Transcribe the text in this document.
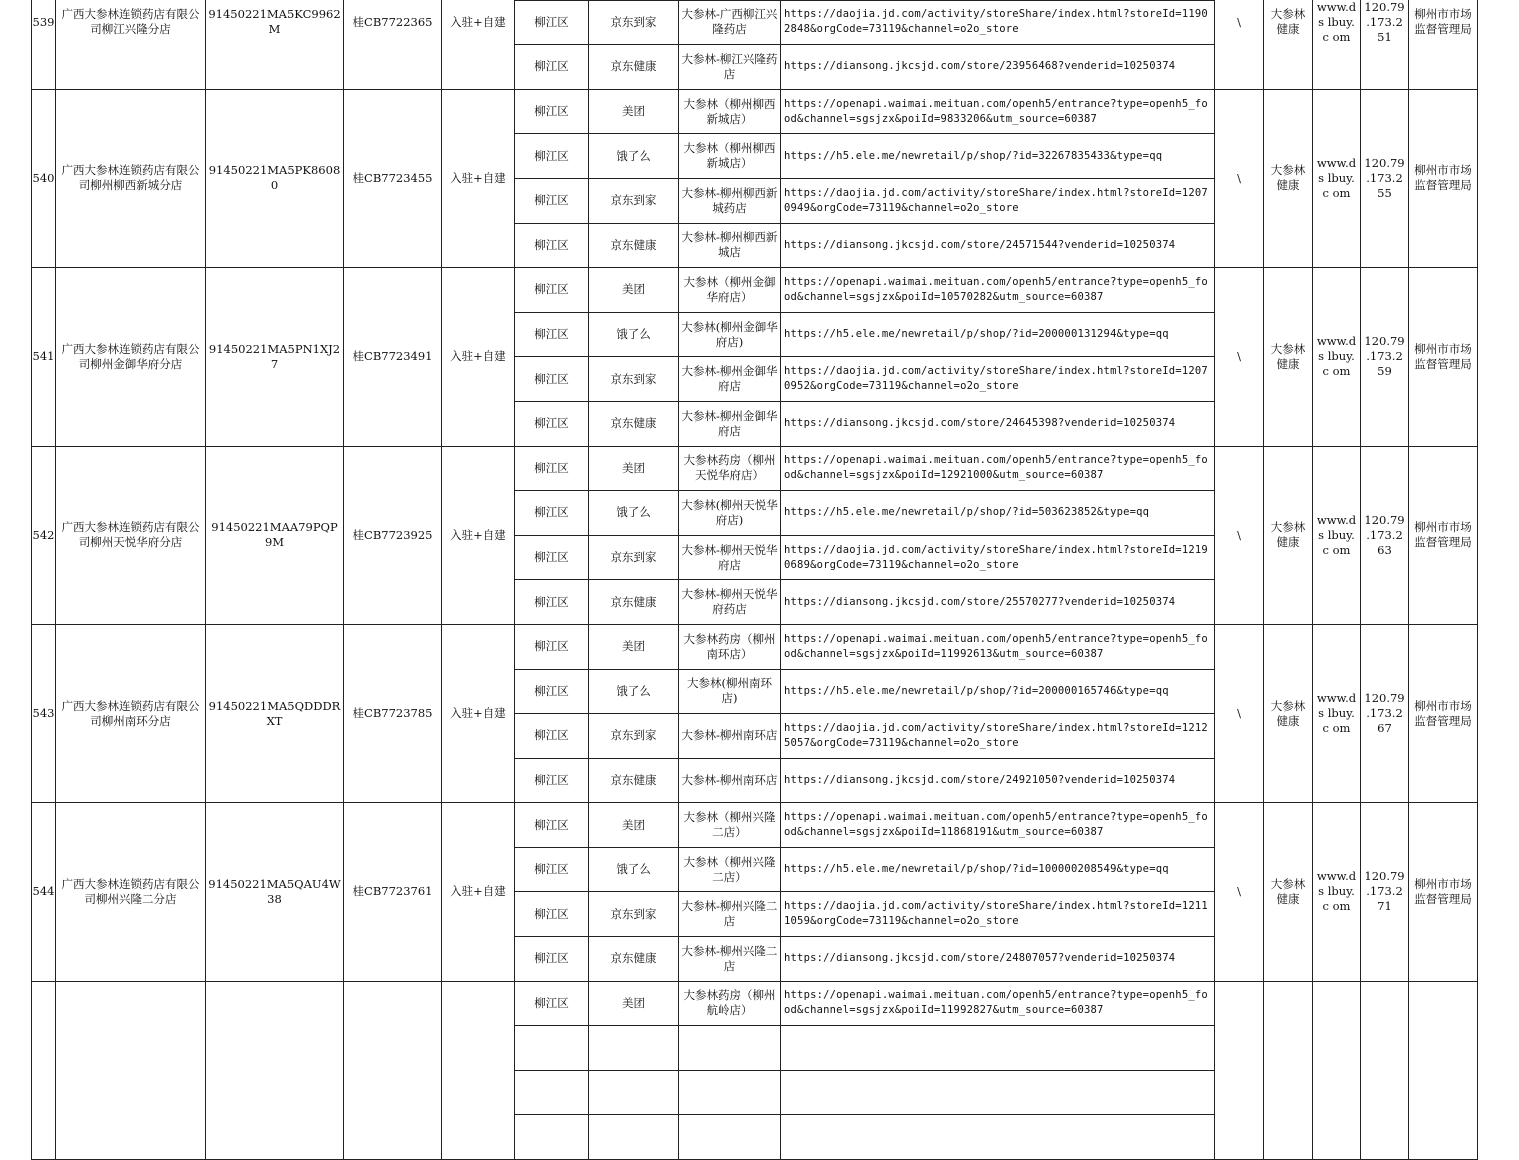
539	广西大参林连锁药店有限公司柳江兴隆分店	91450221MA5KC9962M	桂CB7722365	入驻+自建					\	大参林健康	www.ds lbuy.c om	120.79 .173.2 51	柳州市市场监督管理局
					柳江区	京东到家	大参林-广西柳江兴隆药店	https://daojia.jd.com/activity/storeShare/index.html?storeId=11902848&orgCode=73119&channel=o2o_store					
					柳江区	京东健康	大参林-柳江兴隆药店	https://diansong.jkcsjd.com/store/23956468?venderid=10250374					
540	广西大参林连锁药店有限公司柳州柳西新城分店	91450221MA5PK86080	桂CB7723455	入驻+自建	柳江区	美团	大参林（柳州柳西新城店）	https://openapi.waimai.meituan.com/openh5/entrance?type=openh5_food&channel=sgsjzx&poiId=9833206&utm_source=60387	\	大参林健康	www.ds lbuy.c om	120.79 .173.2 55	柳州市市场监督管理局
					柳江区	饿了么	大参林（柳州柳西新城店）	https://h5.ele.me/newretail/p/shop/?id=32267835433&type=qq					
					柳江区	京东到家	大参林-柳州柳西新城药店	https://daojia.jd.com/activity/storeShare/index.html?storeId=12070949&orgCode=73119&channel=o2o_store					
					柳江区	京东健康	大参林-柳州柳西新城店	https://diansong.jkcsjd.com/store/24571544?venderid=10250374					
541	广西大参林连锁药店有限公司柳州金御华府分店	91450221MA5PN1XJ27	桂CB7723491	入驻+自建	柳江区	美团	大参林（柳州金御华府店）	https://openapi.waimai.meituan.com/openh5/entrance?type=openh5_food&channel=sgsjzx&poiId=10570282&utm_source=60387	\	大参林健康	www.ds lbuy.c om	120.79 .173.2 59	柳州市市场监督管理局
					柳江区	饿了么	大参林(柳州金御华府店)	https://h5.ele.me/newretail/p/shop/?id=200000131294&type=qq					
					柳江区	京东到家	大参林-柳州金御华府店	https://daojia.jd.com/activity/storeShare/index.html?storeId=12070952&orgCode=73119&channel=o2o_store					
					柳江区	京东健康	大参林-柳州金御华府店	https://diansong.jkcsjd.com/store/24645398?venderid=10250374					
542	广西大参林连锁药店有限公司柳州天悦华府分店	91450221MAA79PQP9M	桂CB7723925	入驻+自建	柳江区	美团	大参林药房（柳州天悦华府店）	https://openapi.waimai.meituan.com/openh5/entrance?type=openh5_food&channel=sgsjzx&poiId=12921000&utm_source=60387	\	大参林健康	www.ds lbuy.c om	120.79 .173.2 63	柳州市市场监督管理局
					柳江区	饿了么	大参林(柳州天悦华府店)	https://h5.ele.me/newretail/p/shop/?id=503623852&type=qq					
					柳江区	京东到家	大参林-柳州天悦华府店	https://daojia.jd.com/activity/storeShare/index.html?storeId=12190689&orgCode=73119&channel=o2o_store					
					柳江区	京东健康	大参林-柳州天悦华府药店	https://diansong.jkcsjd.com/store/25570277?venderid=10250374					
543	广西大参林连锁药店有限公司柳州南环分店	91450221MA5QDDDRXT	桂CB7723785	入驻+自建	柳江区	美团	大参林药房（柳州南环店）	https://openapi.waimai.meituan.com/openh5/entrance?type=openh5_food&channel=sgsjzx&poiId=11992613&utm_source=60387	\	大参林健康	www.ds lbuy.c om	120.79 .173.2 67	柳州市市场监督管理局
					柳江区	饿了么	大参林(柳州南环店)	https://h5.ele.me/newretail/p/shop/?id=200000165746&type=qq					
					柳江区	京东到家	大参林-柳州南环店	https://daojia.jd.com/activity/storeShare/index.html?storeId=12125057&orgCode=73119&channel=o2o_store					
					柳江区	京东健康	大参林-柳州南环店	https://diansong.jkcsjd.com/store/24921050?venderid=10250374					
544	广西大参林连锁药店有限公司柳州兴隆二分店	91450221MA5QAU4W38	桂CB7723761	入驻+自建	柳江区	美团	大参林（柳州兴隆二店）	https://openapi.waimai.meituan.com/openh5/entrance?type=openh5_food&channel=sgsjzx&poiId=11868191&utm_source=60387	\	大参林健康	www.ds lbuy.c om	120.79 .173.2 71	柳州市市场监督管理局
					柳江区	饿了么	大参林（柳州兴隆二店）	https://h5.ele.me/newretail/p/shop/?id=100000208549&type=qq					
					柳江区	京东到家	大参林-柳州兴隆二店	https://daojia.jd.com/activity/storeShare/index.html?storeId=12111059&orgCode=73119&channel=o2o_store					
					柳江区	京东健康	大参林-柳州兴隆二店	https://diansong.jkcsjd.com/store/24807057?venderid=10250374					
					柳江区	美团	大参林药房（柳州航岭店）	https://openapi.waimai.meituan.com/openh5/entrance?type=openh5_food&channel=sgsjzx&poiId=11992827&utm_source=60387					
